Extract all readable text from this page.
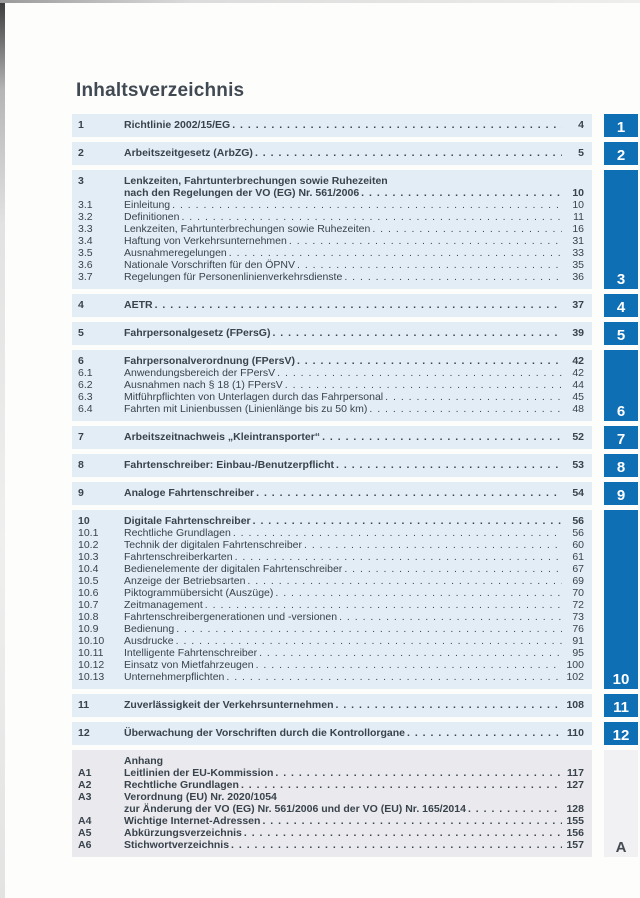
Inhaltsverzeichnis
1	Richtlinie 2002/15/EG . . .	4	1
2	Arbeitszeitgesetz (ArbZG) . . .	5	2
3	Lenkzeiten, Fahrtunterbrechungen sowie Ruhezeiten
nach den Regelungen der VO (EG) Nr. 561/2006 . . .	10
3.1	Einleitung . . .	10
3.2	Definitionen . . .	11
3.3	Lenkzeiten, Fahrtunterbrechungen sowie Ruhezeiten . . .	16
3.4	Haftung von Verkehrsunternehmen . . .	31
3.5	Ausnahmeregelungen . . .	33
3.6	Nationale Vorschriften für den ÖPNV . . .	35
3.7	Regelungen für Personenlinienverkehrsdienste . . .	36	3
4	AETR . . .	37	4
5	Fahrpersonalgesetz (FPersG) . . .	39	5
6	Fahrpersonalverordnung (FPersV) . . .	42
6.1	Anwendungsbereich der FPersV . . .	42
6.2	Ausnahmen nach § 18 (1) FPersV . . .	44
6.3	Mitführpflichten von Unterlagen durch das Fahrpersonal . . .	45
6.4	Fahrten mit Linienbussen (Linienlänge bis zu 50 km) . . .	48	6
7	Arbeitszeitnachweis „Kleintransporter“ . . .	52	7
8	Fahrtenschreiber: Einbau-/Benutzerpflicht . . .	53	8
9	Analoge Fahrtenschreiber . . .	54	9
10	Digitale Fahrtenschreiber . . .	56
10.1	Rechtliche Grundlagen . . .	56
10.2	Technik der digitalen Fahrtenschreiber . . .	60
10.3	Fahrtenschreiberkarten . . .	61
10.4	Bedienelemente der digitalen Fahrtenschreiber . . .	67
10.5	Anzeige der Betriebsarten . . .	69
10.6	Piktogrammübersicht (Auszüge) . . .	70
10.7	Zeitmanagement . . .	72
10.8	Fahrtenschreibergenerationen und -versionen . . .	73
10.9	Bedienung . . .	76
10.10	Ausdrucke . . .	91
10.11	Intelligente Fahrtenschreiber . . .	95
10.12	Einsatz von Mietfahrzeugen . . .	100
10.13	Unternehmerpflichten . . .	102	10
11	Zuverlässigkeit der Verkehrsunternehmen . . .	108	11
12	Überwachung der Vorschriften durch die Kontrollorgane . . .	110	12
Anhang
A1	Leitlinien der EU-Kommission . . .	117
A2	Rechtliche Grundlagen . . .	127
A3	Verordnung (EU) Nr. 2020/1054
zur Änderung der VO (EG) Nr. 561/2006 und der VO (EU) Nr. 165/2014 . . .	128
A4	Wichtige Internet-Adressen . . .	155
A5	Abkürzungsverzeichnis . . .	156
A6	Stichwortverzeichnis . . .	157	A
